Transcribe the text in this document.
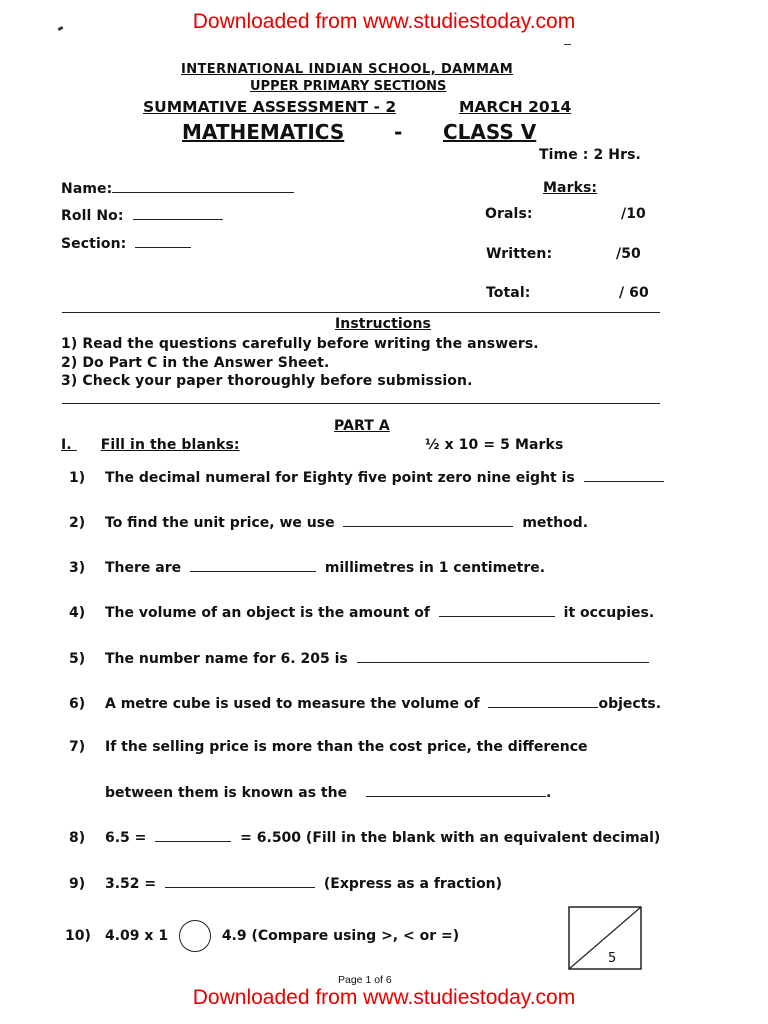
Downloaded from www.studiestoday.com
Downloaded from www.studiestoday.com
INTERNATIONAL INDIAN SCHOOL, DAMMAM
UPPER PRIMARY SECTIONS
SUMMATIVE ASSESSMENT - 2	MARCH 2014
MATHEMATICS - CLASS V
Time : 2 Hrs.
Name:
Roll No:
Section:
Marks:
Orals:	/10
Written:	/50
Total:	/ 60
Instructions
1) Read the questions carefully before writing the answers.
2) Do Part C in the Answer Sheet.
3) Check your paper thoroughly before submission.
PART A
I. Fill in the blanks:	½ x 10 = 5 Marks
1) The decimal numeral for Eighty five point zero nine eight is
2) To find the unit price, we use	method.
3) There are	millimetres in 1 centimetre.
4) The volume of an object is the amount of	it occupies.
5) The number name for 6. 205 is
6) A metre cube is used to measure the volume of	objects.
7) If the selling price is more than the cost price, the difference
between them is known as the	.
8) 6.5 =	= 6.500 (Fill in the blank with an equivalent decimal)
9) 3.52 =	(Express as a fraction)
10) 4.09 x 1	4.9 (Compare using >, < or =)
5
Page 1 of 6
